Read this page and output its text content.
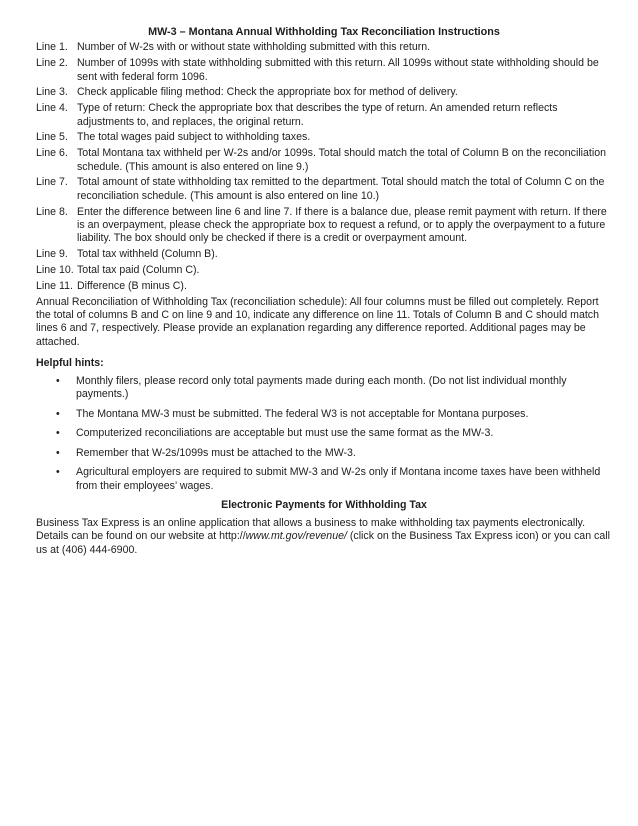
MW-3 – Montana Annual Withholding Tax Reconciliation Instructions
Line 1. Number of W-2s with or without state withholding submitted with this return.
Line 2. Number of 1099s with state withholding submitted with this return. All 1099s without state withholding should be sent with federal form 1096.
Line 3. Check applicable filing method: Check the appropriate box for method of delivery.
Line 4. Type of return: Check the appropriate box that describes the type of return. An amended return reflects adjustments to, and replaces, the original return.
Line 5. The total wages paid subject to withholding taxes.
Line 6. Total Montana tax withheld per W-2s and/or 1099s. Total should match the total of Column B on the reconciliation schedule. (This amount is also entered on line 9.)
Line 7. Total amount of state withholding tax remitted to the department. Total should match the total of Column C on the reconciliation schedule. (This amount is also entered on line 10.)
Line 8. Enter the difference between line 6 and line 7. If there is a balance due, please remit payment with return. If there is an overpayment, please check the appropriate box to request a refund, or to apply the overpayment to a future liability. The box should only be checked if there is a credit or overpayment amount.
Line 9. Total tax withheld (Column B).
Line 10. Total tax paid (Column C).
Line 11. Difference (B minus C).

Annual Reconciliation of Withholding Tax (reconciliation schedule): All four columns must be filled out completely. Report the total of columns B and C on line 9 and 10, indicate any difference on line 11. Totals of Column B and C should match lines 6 and 7, respectively. Please provide an explanation regarding any difference reported. Additional pages may be attached.

Helpful hints:
•	Monthly filers, please record only total payments made during each month. (Do not list individual monthly payments.)
•	The Montana MW-3 must be submitted. The federal W3 is not acceptable for Montana purposes.
•	Computerized reconciliations are acceptable but must use the same format as the MW-3.
•	Remember that W-2s/1099s must be attached to the MW-3.
•	Agricultural employers are required to submit MW-3 and W-2s only if Montana income taxes have been withheld from their employees’ wages.
Electronic Payments for Withholding Tax

Business Tax Express is an online application that allows a business to make withholding tax payments electronically. Details can be found on our website at http://www.mt.gov/revenue/ (click on the Business Tax Express icon) or you can call us at (406) 444-6900.
